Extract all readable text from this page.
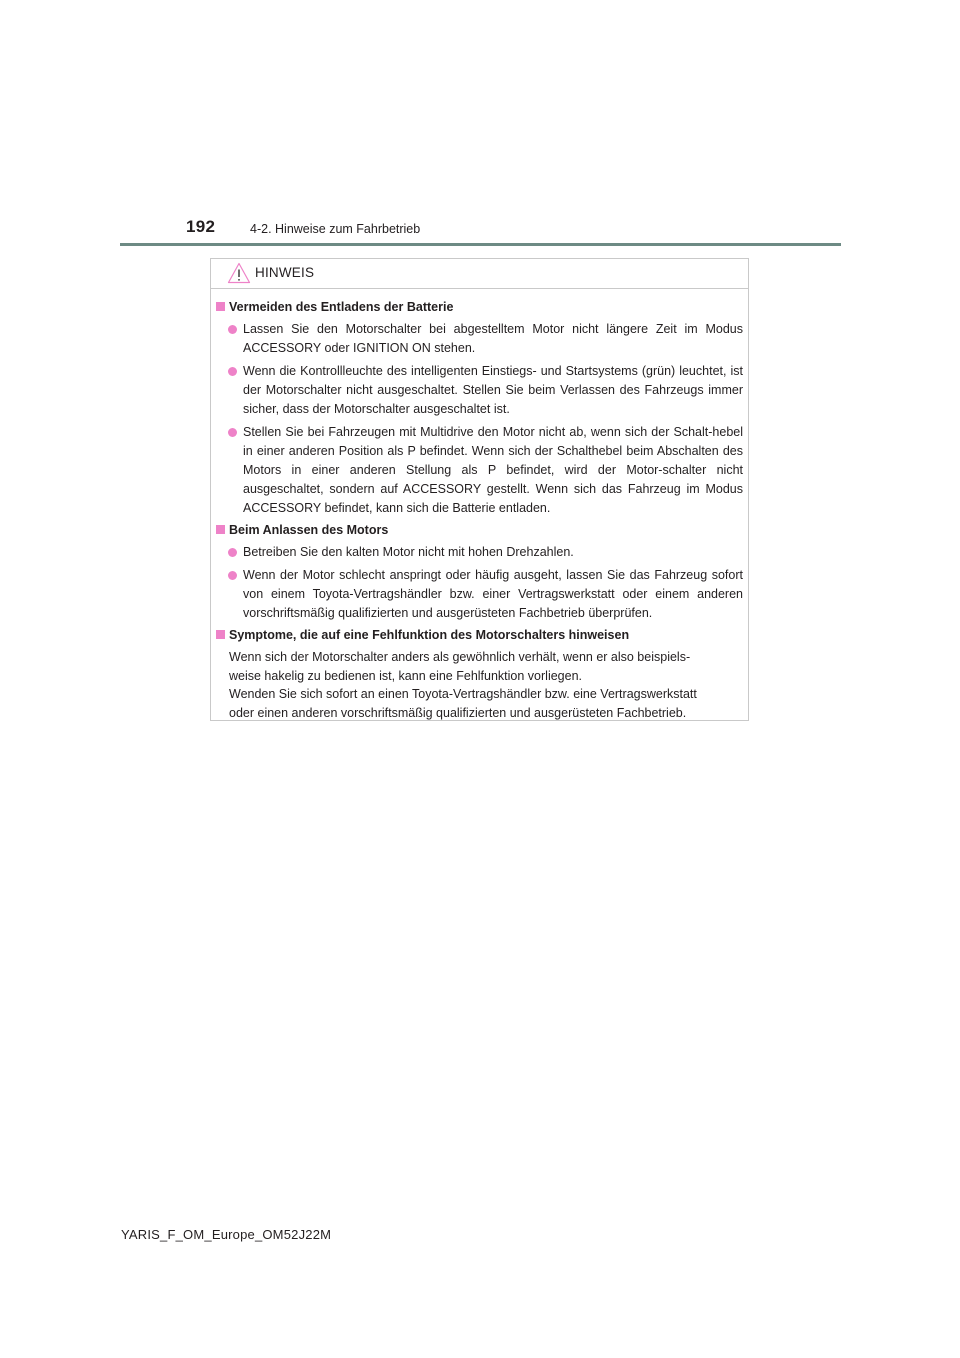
192	4-2. Hinweise zum Fahrbetrieb
HINWEIS
Vermeiden des Entladens der Batterie
Lassen Sie den Motorschalter bei abgestelltem Motor nicht längere Zeit im Modus ACCESSORY oder IGNITION ON stehen.
Wenn die Kontrollleuchte des intelligenten Einstiegs- und Startsystems (grün) leuchtet, ist der Motorschalter nicht ausgeschaltet. Stellen Sie beim Verlassen des Fahrzeugs immer sicher, dass der Motorschalter ausgeschaltet ist.
Stellen Sie bei Fahrzeugen mit Multidrive den Motor nicht ab, wenn sich der Schalt-hebel in einer anderen Position als P befindet. Wenn sich der Schalthebel beim Abschalten des Motors in einer anderen Stellung als P befindet, wird der Motor-schalter nicht ausgeschaltet, sondern auf ACCESSORY gestellt. Wenn sich das Fahrzeug im Modus ACCESSORY befindet, kann sich die Batterie entladen.
Beim Anlassen des Motors
Betreiben Sie den kalten Motor nicht mit hohen Drehzahlen.
Wenn der Motor schlecht anspringt oder häufig ausgeht, lassen Sie das Fahrzeug sofort von einem Toyota-Vertragshändler bzw. einer Vertragswerkstatt oder einem anderen vorschriftsmäßig qualifizierten und ausgerüsteten Fachbetrieb überprüfen.
Symptome, die auf eine Fehlfunktion des Motorschalters hinweisen
Wenn sich der Motorschalter anders als gewöhnlich verhält, wenn er also beispiels-
weise hakelig zu bedienen ist, kann eine Fehlfunktion vorliegen.
Wenden Sie sich sofort an einen Toyota-Vertragshändler bzw. eine Vertragswerkstatt
oder einen anderen vorschriftsmäßig qualifizierten und ausgerüsteten Fachbetrieb.
YARIS_F_OM_Europe_OM52J22M
